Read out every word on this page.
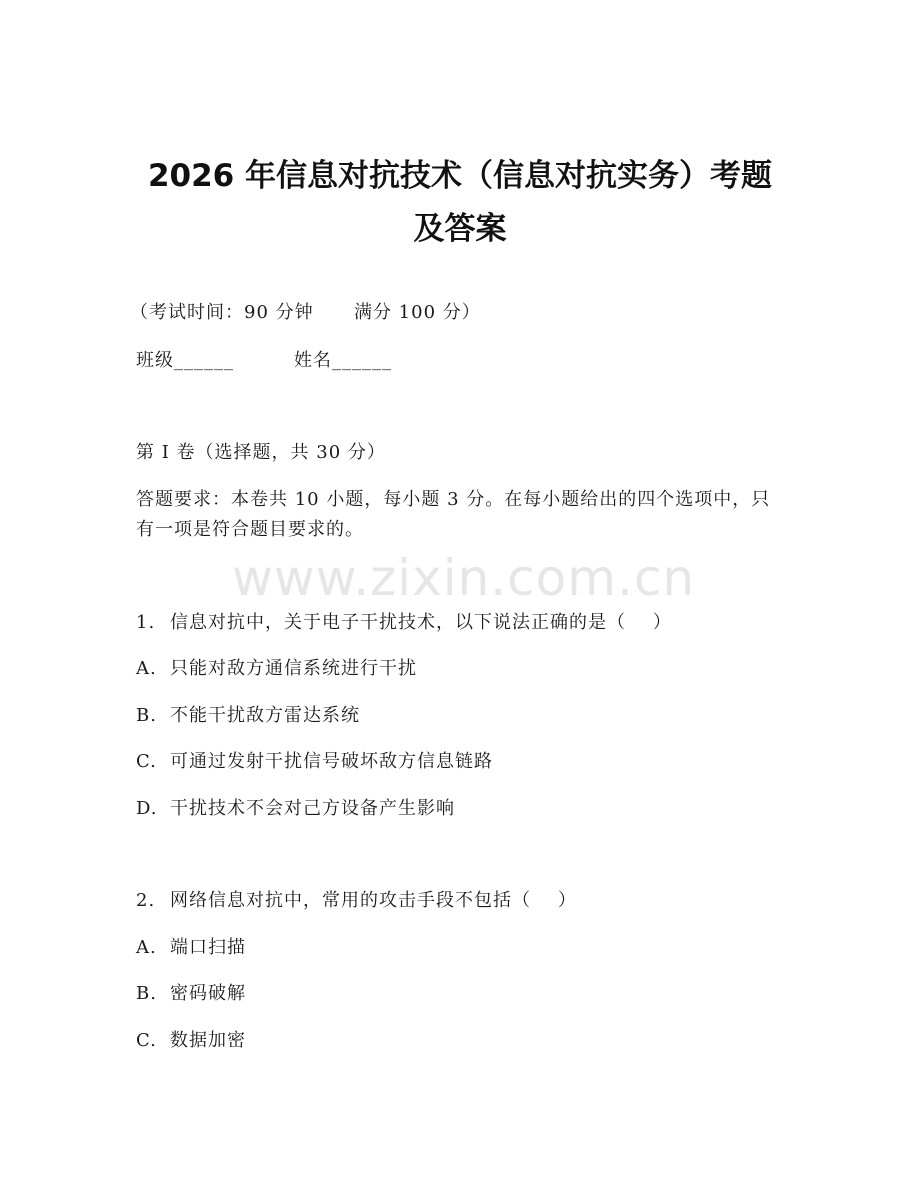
2026 年信息对抗技术（信息对抗实务）考题
及答案
（考试时间：90 分钟      满分 100 分）
班级______	姓名______
第 I 卷（选择题，共 30 分）
答题要求：本卷共 10 小题，每小题 3 分。在每小题给出的四个选项中，只有一项是符合题目要求的。
www.zixin.com.cn
1. 信息对抗中，关于电子干扰技术，以下说法正确的是（    ）
A. 只能对敌方通信系统进行干扰
B. 不能干扰敌方雷达系统
C. 可通过发射干扰信号破坏敌方信息链路
D. 干扰技术不会对己方设备产生影响
2. 网络信息对抗中，常用的攻击手段不包括（    ）
A. 端口扫描
B. 密码破解
C. 数据加密
